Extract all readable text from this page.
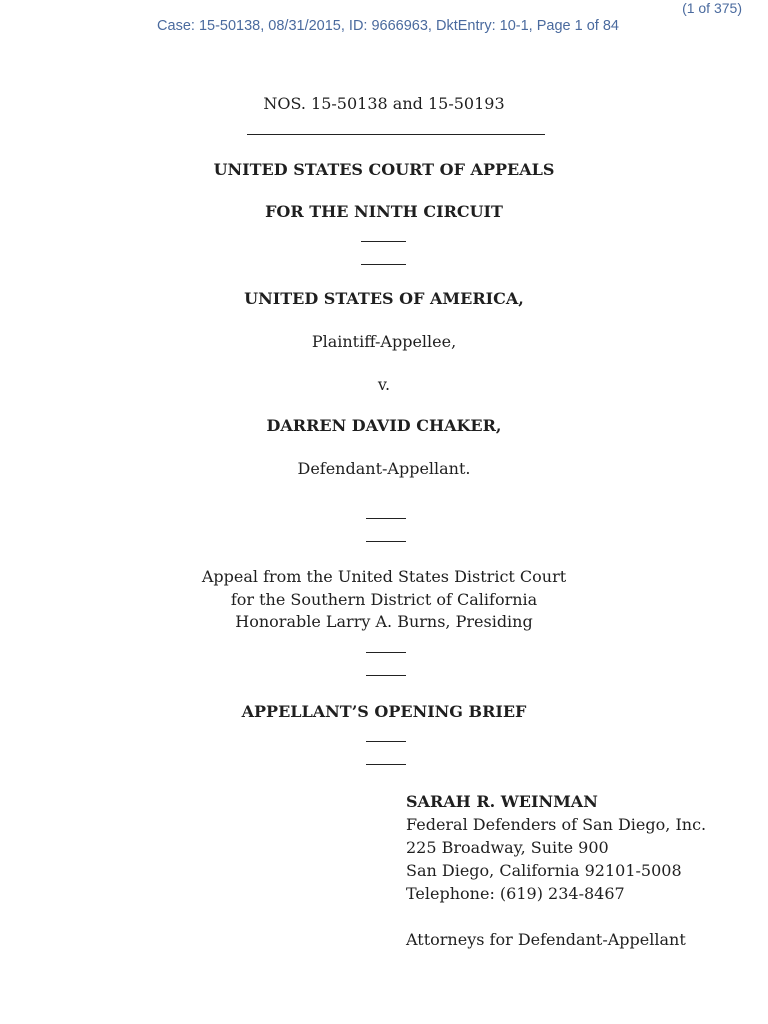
Case: 15-50138, 08/31/2015, ID: 9666963, DktEntry: 10-1, Page 1 of 84
(1 of 375)
NOS. 15-50138 and 15-50193
UNITED STATES COURT OF APPEALS
FOR THE NINTH CIRCUIT
UNITED STATES OF AMERICA,
Plaintiff-Appellee,
v.
DARREN DAVID CHAKER,
Defendant-Appellant.
Appeal from the United States District Court
for the Southern District of California
Honorable Larry A. Burns, Presiding
APPELLANT’S OPENING BRIEF
SARAH R. WEINMAN
Federal Defenders of San Diego, Inc.
225 Broadway, Suite 900
San Diego, California 92101-5008
Telephone: (619) 234-8467
Attorneys for Defendant-Appellant
